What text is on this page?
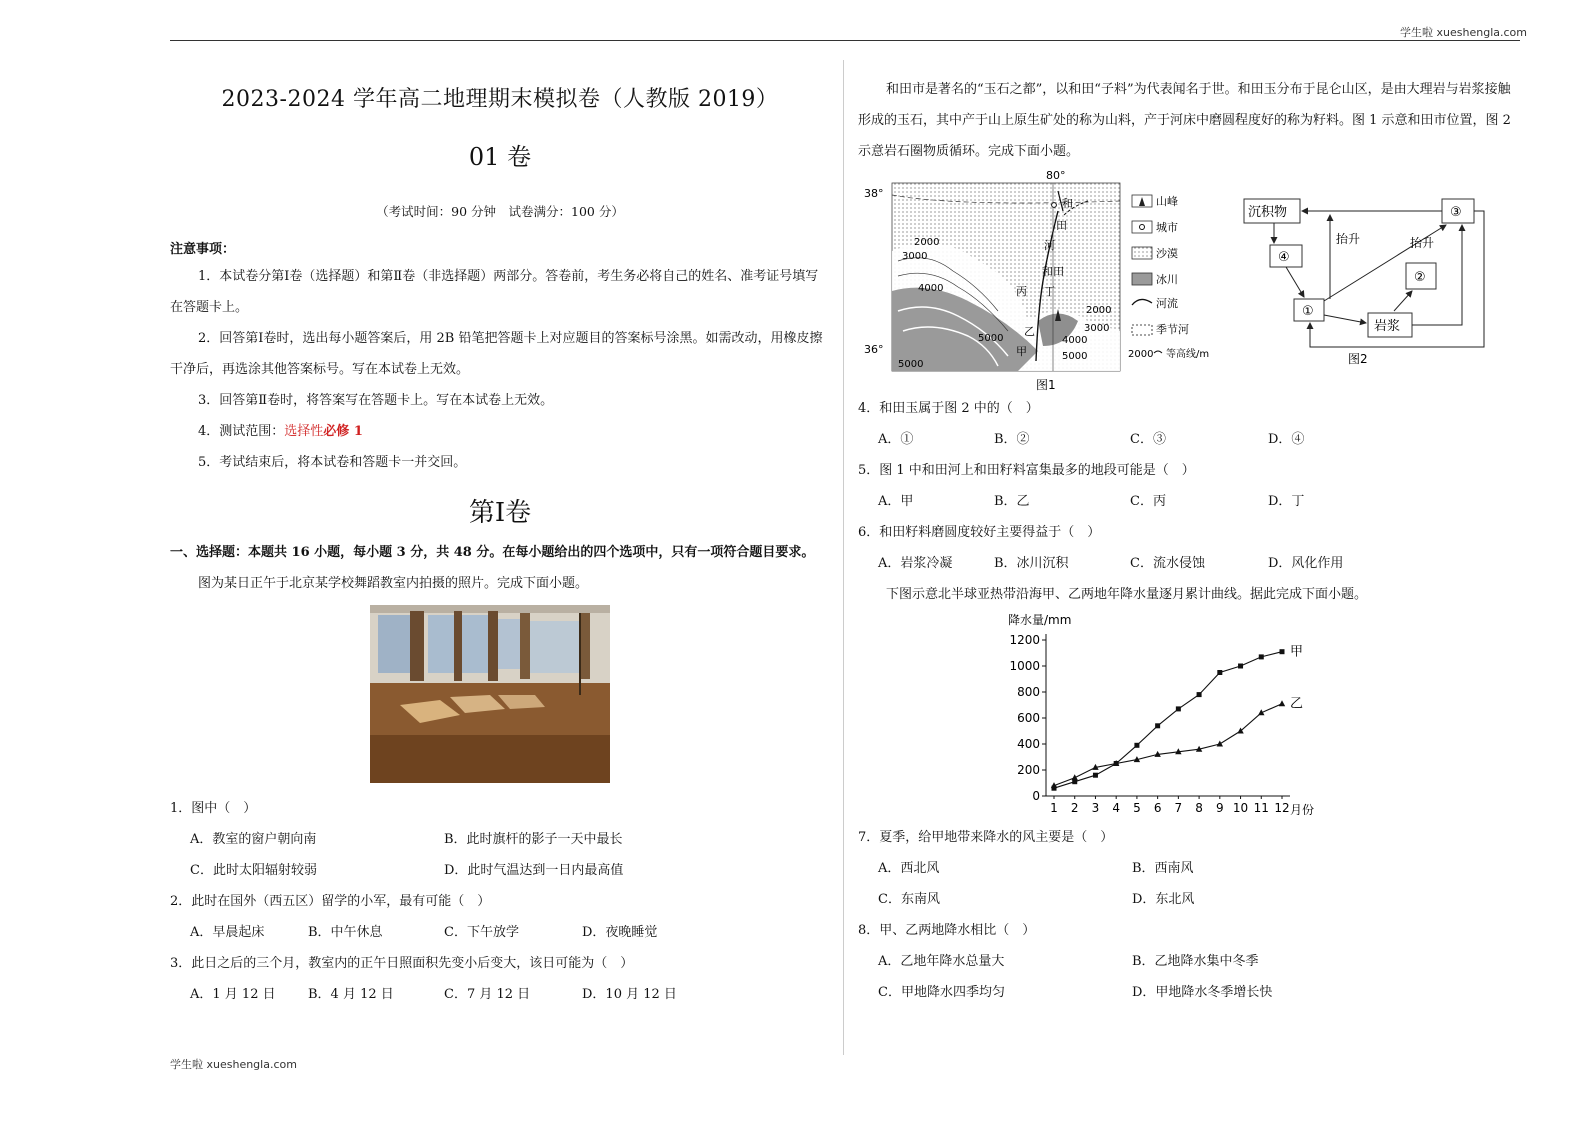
学生啦 xueshengla.com
学生啦 xueshengla.com
2023-2024 学年高二地理期末模拟卷（人教版 2019）
01 卷
（考试时间：90 分钟　试卷满分：100 分）
注意事项：

1．本试卷分第Ⅰ卷（选择题）和第Ⅱ卷（非选择题）两部分。答卷前，考生务必将自己的姓名、准考证号填写在答题卡上。

2．回答第Ⅰ卷时，选出每小题答案后，用 2B 铅笔把答题卡上对应题目的答案标号涂黑。如需改动，用橡皮擦干净后，再选涂其他答案标号。写在本试卷上无效。

3．回答第Ⅱ卷时，将答案写在答题卡上。写在本试卷上无效。

4．测试范围：选择性必修 1

5．考试结束后，将本试卷和答题卡一并交回。

第Ⅰ卷

一、选择题：本题共 16 小题，每小题 3 分，共 48 分。在每小题给出的四个选项中，只有一项符合题目要求。

图为某日正午于北京某学校舞蹈教室内拍摄的照片。完成下面小题。

1．图中（　）

A．教室的窗户朝向南	B．此时旗杆的影子一天中最长
C．此时太阳辐射较弱	D．此时气温达到一日内最高值

2．此时在国外（西五区）留学的小军，最有可能（　）

A．早晨起床	B．中午休息	C．下午放学	D．夜晚睡觉

3．此日之后的三个月，教室内的正午日照面积先变小后变大，该日可能为（　）

A．1 月 12 日	B．4 月 12 日	C．7 月 12 日	D．10 月 12 日

和田市是著名的“玉石之都”，以和田“子料”为代表闻名于世。和田玉分布于昆仑山区，是由大理岩与岩浆接触形成的玉石，其中产于山上原生矿处的称为山料，产于河床中磨圆程度好的称为籽料。图 1 示意和田市位置，图 2 示意岩石圈物质循环。完成下面小题。

80°
38°
36°
和
田
河
和田
丙
乙
甲
丁
2000
3000
4000
5000
5000
2000
3000
4000
5000
山峰
城市
沙漠
冰川
河流
季节河
2000 等高线/m
图1
沉积物	③
④
②
①
岩浆
抬升	抬升
图2

4．和田玉属于图 2 中的（　）

A．①	B．②	C．③	D．④

5．图 1 中和田河上和田籽料富集最多的地段可能是（　）

A．甲	B．乙	C．丙	D．丁

6．和田籽料磨圆度较好主要得益于（　）

A．岩浆冷凝	B．冰川沉积	C．流水侵蚀	D．风化作用

下图示意北半球亚热带沿海甲、乙两地年降水量逐月累计曲线。据此完成下面小题。

降水量/mm
月份
0
200
400
600
800
1000
1200
1 2 3 4 5 6 7 8 9 10 11 12
甲
乙

7．夏季，给甲地带来降水的风主要是（　）

A．西北风	B．西南风
C．东南风	D．东北风

8．甲、乙两地降水相比（　）

A．乙地年降水总量大	B．乙地降水集中冬季
C．甲地降水四季均匀	D．甲地降水冬季增长快
